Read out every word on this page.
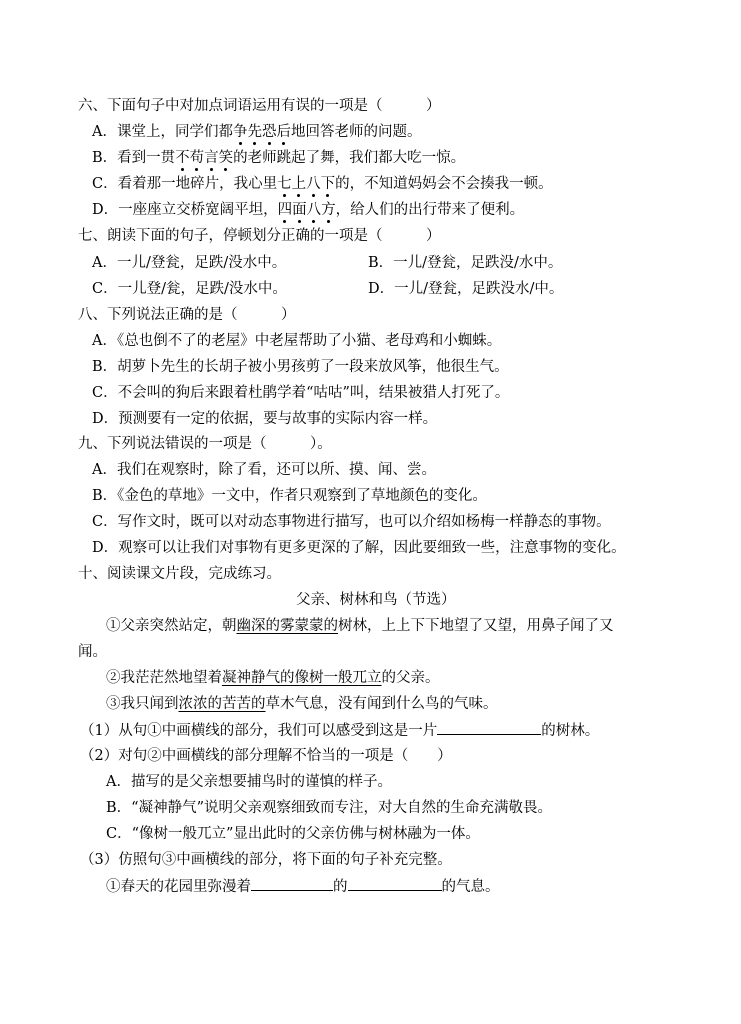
六、下面句子中对加点词语运用有误的一项是（　　　）
A．课堂上，同学们都争先恐后地回答老师的问题。
B．看到一贯不苟言笑的老师跳起了舞，我们都大吃一惊。
C．看着那一地碎片，我心里七上八下的，不知道妈妈会不会揍我一顿。
D．一座座立交桥宽阔平坦，四面八方，给人们的出行带来了便利。
七、朗读下面的句子，停顿划分正确的一项是（　　　）
A．一儿/登瓮，足跌/没水中。	B．一儿/登瓮，足跌没/水中。
C．一儿登/瓮，足跌/没水中。	D．一儿/登瓮，足跌没水/中。
八、下列说法正确的是（　　　）
A．《总也倒不了的老屋》中老屋帮助了小猫、老母鸡和小蜘蛛。
B．胡萝卜先生的长胡子被小男孩剪了一段来放风筝，他很生气。
C．不会叫的狗后来跟着杜鹃学着“咕咕”叫，结果被猎人打死了。
D．预测要有一定的依据，要与故事的实际内容一样。
九、下列说法错误的一项是（　　　）。
A．我们在观察时，除了看，还可以所、摸、闻、尝。
B．《金色的草地》一文中，作者只观察到了草地颜色的变化。
C．写作文时，既可以对动态事物进行描写，也可以介绍如杨梅一样静态的事物。
D．观察可以让我们对事物有更多更深的了解，因此要细致一些，注意事物的变化。
十、阅读课文片段，完成练习。
父亲、树林和鸟（节选）
①父亲突然站定，朝幽深的雾蒙蒙的树林，上上下下地望了又望，用鼻子闻了又
闻。
②我茫茫然地望着凝神静气的像树一般兀立的父亲。
③我只闻到浓浓的苦苦的草木气息，没有闻到什么鸟的气味。
（1）从句①中画横线的部分，我们可以感受到这是一片	的树林。
（2）对句②中画横线的部分理解不恰当的一项是（　　）
A．描写的是父亲想要捕鸟时的谨慎的样子。
B．“凝神静气”说明父亲观察细致而专注，对大自然的生命充满敬畏。
C．“像树一般兀立”显出此时的父亲仿佛与树林融为一体。
（3）仿照句③中画横线的部分，将下面的句子补充完整。
①春天的花园里弥漫着	的	的气息。
